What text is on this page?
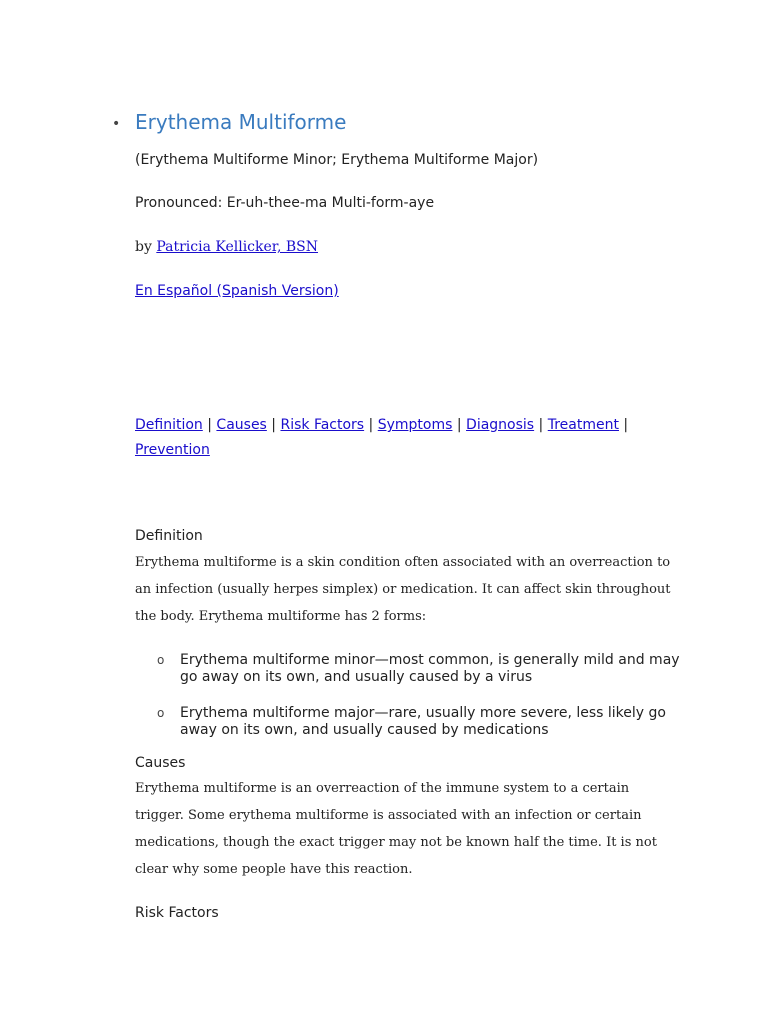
• Erythema Multiforme
(Erythema Multiforme Minor; Erythema Multiforme Major)
Pronounced: Er-uh-thee-ma Multi-form-aye
by Patricia Kellicker, BSN
En Español (Spanish Version)
Definition | Causes | Risk Factors | Symptoms | Diagnosis | Treatment | Prevention
Definition
Erythema multiforme is a skin condition often associated with an overreaction to an infection (usually herpes simplex) or medication. It can affect skin throughout the body. Erythema multiforme has 2 forms:
o Erythema multiforme minor—most common, is generally mild and may go away on its own, and usually caused by a virus
o Erythema multiforme major—rare, usually more severe, less likely go away on its own, and usually caused by medications
Causes
Erythema multiforme is an overreaction of the immune system to a certain trigger. Some erythema multiforme is associated with an infection or certain medications, though the exact trigger may not be known half the time. It is not clear why some people have this reaction.
Risk Factors
